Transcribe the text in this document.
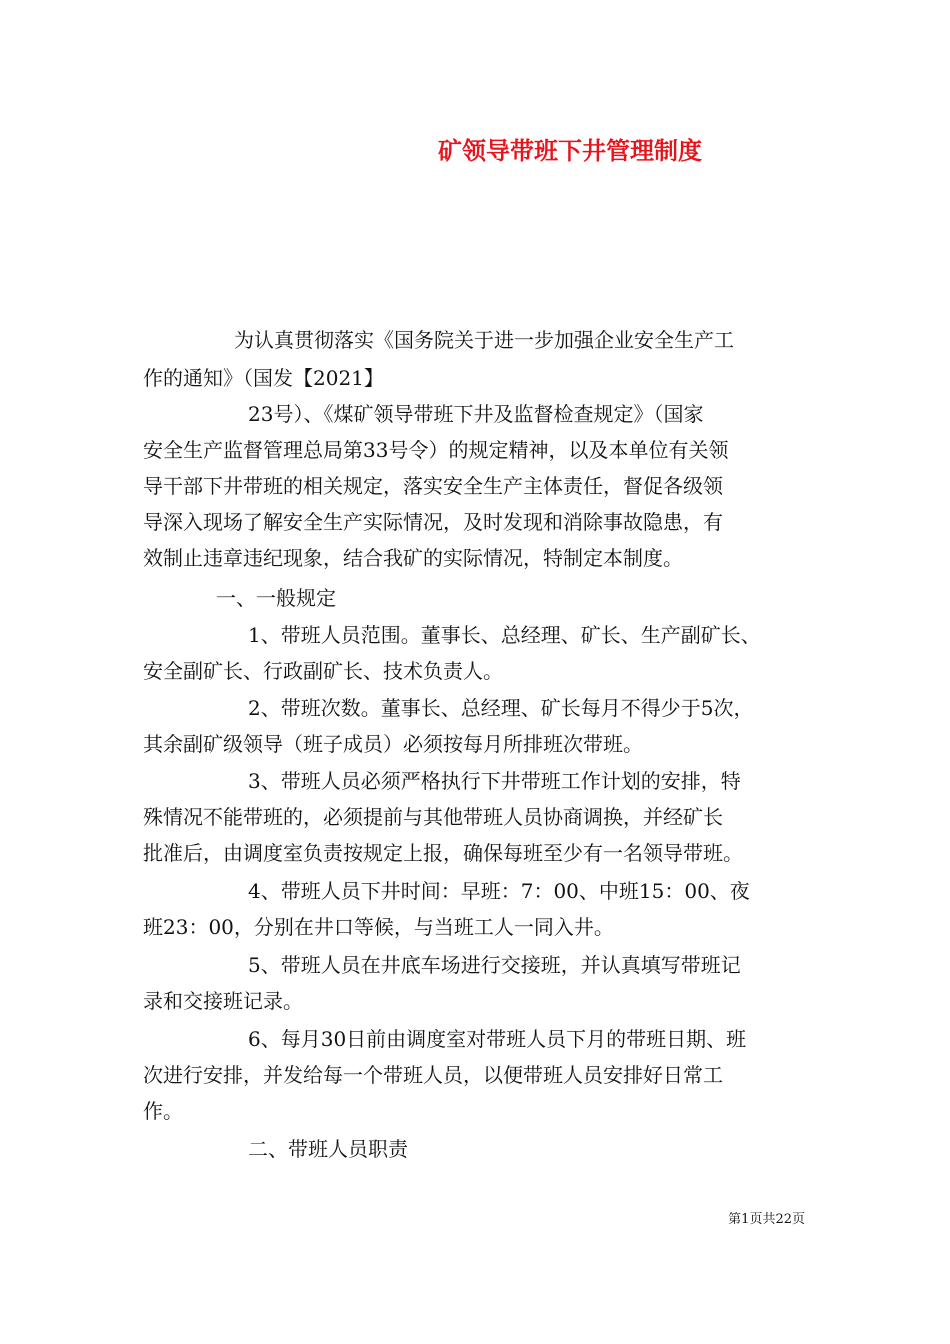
矿领导带班下井管理制度
为认真贯彻落实《国务院关于进一步加强企业安全生产工
作的通知》（国发【2021】
23号）、《煤矿领导带班下井及监督检查规定》（国家
安全生产监督管理总局第33号令）的规定精神，以及本单位有关领
导干部下井带班的相关规定，落实安全生产主体责任，督促各级领
导深入现场了解安全生产实际情况，及时发现和消除事故隐患，有
效制止违章违纪现象，结合我矿的实际情况，特制定本制度。
一、一般规定
1、带班人员范围。董事长、总经理、矿长、生产副矿长、
安全副矿长、行政副矿长、技术负责人。
2、带班次数。董事长、总经理、矿长每月不得少于5次，
其余副矿级领导（班子成员）必须按每月所排班次带班。
3、带班人员必须严格执行下井带班工作计划的安排，特
殊情况不能带班的，必须提前与其他带班人员协商调换，并经矿长
批准后，由调度室负责按规定上报，确保每班至少有一名领导带班。
4、带班人员下井时间：早班：7：00、中班15：00、夜
班23：00，分别在井口等候，与当班工人一同入井。
5、带班人员在井底车场进行交接班，并认真填写带班记
录和交接班记录。
6、每月30日前由调度室对带班人员下月的带班日期、班
次进行安排，并发给每一个带班人员，以便带班人员安排好日常工
作。
二、带班人员职责
第1页共22页
